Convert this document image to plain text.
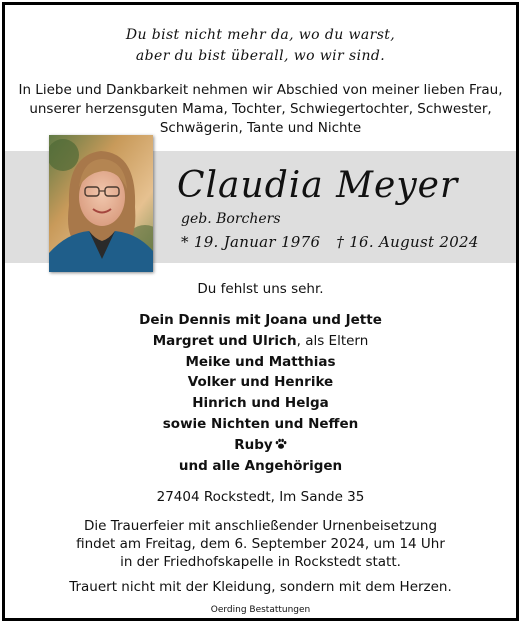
Du bist nicht mehr da, wo du warst,
aber du bist überall, wo wir sind.
In Liebe und Dankbarkeit nehmen wir Abschied von meiner lieben Frau,
unserer herzensguten Mama, Tochter, Schwiegertochter, Schwester,
Schwägerin, Tante und Nichte
Claudia Meyer
geb. Borchers
* 19. Januar 1976 † 16. August 2024
Du fehlst uns sehr.
Dein Dennis mit Joana und Jette
Margret und Ulrich, als Eltern
Meike und Matthias
Volker und Henrike
Hinrich und Helga
sowie Nichten und Neffen
Ruby
und alle Angehörigen
27404 Rockstedt, Im Sande 35
Die Trauerfeier mit anschließender Urnenbeisetzung
findet am Freitag, dem 6. September 2024, um 14 Uhr
in der Friedhofskapelle in Rockstedt statt.
Trauert nicht mit der Kleidung, sondern mit dem Herzen.
Oerding Bestattungen
